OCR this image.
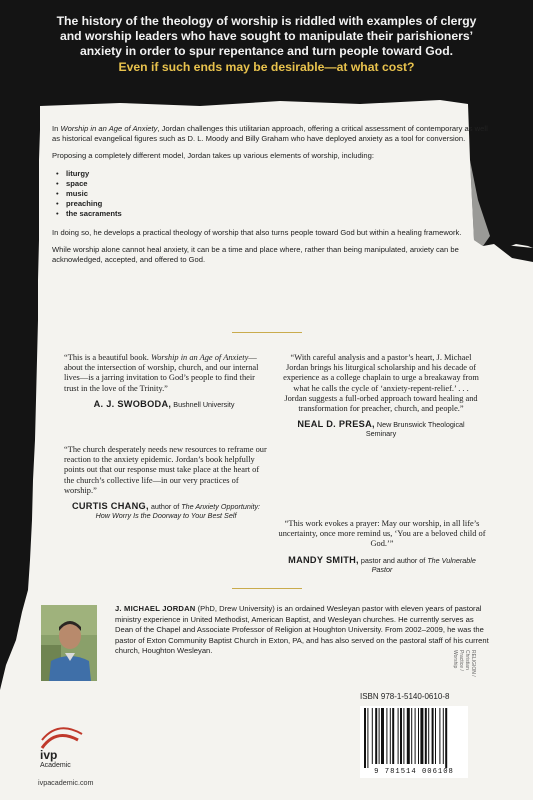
The history of the theology of worship is riddled with examples of clergy
and worship leaders who have sought to manipulate their parishioners’
anxiety in order to spur repentance and turn people toward God.
Even if such ends may be desirable—at what cost?

In Worship in an Age of Anxiety, Jordan challenges this utilitarian approach, offering a critical assessment of contemporary as well as historical evangelical figures such as D. L. Moody and Billy Graham who have deployed anxiety as a tool for conversion.

Proposing a completely different model, Jordan takes up various elements of worship, including:

• liturgy
• space
• music
• preaching
• the sacraments

In doing so, he develops a practical theology of worship that also turns people toward God but within a healing framework.

While worship alone cannot heal anxiety, it can be a time and place where, rather than being manipulated, anxiety can be acknowledged, accepted, and offered to God.

“This is a beautiful book. Worship in an Age of Anxiety—about the intersection of worship, church, and our internal lives—is a jarring invitation to God’s people to find their trust in the love of the Trinity.”

A. J. SWOBODA, Bushnell University

“The church desperately needs new resources to reframe our reaction to the anxiety epidemic. Jordan’s book helpfully points out that our response must take place at the heart of the church’s collective life—in our very practices of worship.”

CURTIS CHANG, author of The Anxiety Opportunity: How Worry Is the Doorway to Your Best Self

“With careful analysis and a pastor’s heart, J. Michael Jordan brings his liturgical scholarship and his decade of experience as a college chaplain to urge a breakaway from what he calls the cycle of ‘anxiety-repent-relief.’ . . . Jordan suggests a full-orbed approach toward healing and transformation for preacher, church, and people.”

NEAL D. PRESA, New Brunswick Theological Seminary

“This work evokes a prayer: May our worship, in all life’s uncertainty, once more remind us, ‘You are a beloved child of God.’”

MANDY SMITH, pastor and author of The Vulnerable Pastor
J. MICHAEL JORDAN (PhD, Drew University) is an ordained Wesleyan pastor with eleven years of pastoral ministry experience in United Methodist, American Baptist, and Wesleyan churches. He currently serves as Dean of the Chapel and Associate Professor of Religion at Houghton University. From 2002–2009, he was the pastor of Exton Community Baptist Church in Exton, PA, and has also served on the pastoral staff of his current church, Houghton Wesleyan.	RELIGION / Christian Practice / Worship
ISBN 978-1-5140-0610-8
9 781514 006108
ivp
Academic
ivpacademic.com
